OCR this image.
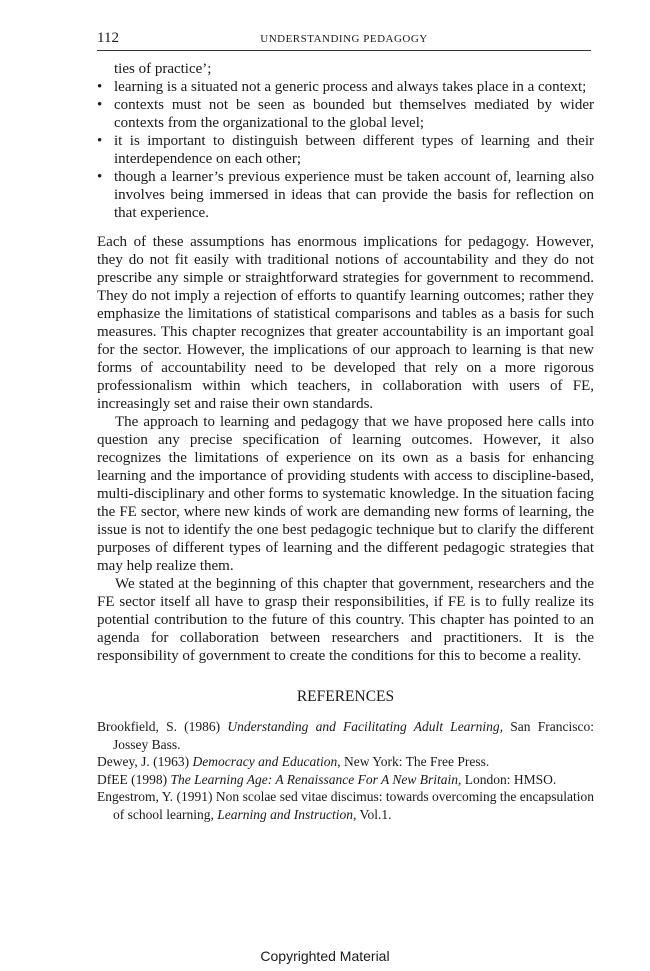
112	UNDERSTANDING PEDAGOGY

ties of practice’;

• learning is a situated not a generic process and always takes place in a context;
• contexts must not be seen as bounded but themselves mediated by wider contexts from the organizational to the global level;
• it is important to distinguish between different types of learning and their interdependence on each other;
• though a learner’s previous experience must be taken account of, learning also involves being immersed in ideas that can provide the basis for reflection on that experience.

Each of these assumptions has enormous implications for pedagogy. However, they do not fit easily with traditional notions of accountability and they do not prescribe any simple or straightforward strategies for government to recommend. They do not imply a rejection of efforts to quantify learning outcomes; rather they emphasize the limitations of statistical comparisons and tables as a basis for such measures. This chapter recognizes that greater accountability is an important goal for the sector. However, the implications of our approach to learning is that new forms of accountability need to be developed that rely on a more rigorous professionalism within which teachers, in collaboration with users of FE, increasingly set and raise their own standards.

The approach to learning and pedagogy that we have proposed here calls into question any precise specification of learning outcomes. However, it also recognizes the limitations of experience on its own as a basis for enhancing learning and the importance of providing students with access to discipline-based, multi-disciplinary and other forms to systematic knowledge. In the situation facing the FE sector, where new kinds of work are demanding new forms of learning, the issue is not to identify the one best pedagogic technique but to clarify the different purposes of different types of learning and the different pedagogic strategies that may help realize them.

We stated at the beginning of this chapter that government, researchers and the FE sector itself all have to grasp their responsibilities, if FE is to fully realize its potential contribution to the future of this country. This chapter has pointed to an agenda for collaboration between researchers and practitioners. It is the responsibility of government to create the conditions for this to become a reality.

REFERENCES
Brookfield, S. (1986) Understanding and Facilitating Adult Learning, San Francisco: Jossey Bass.
Dewey, J. (1963) Democracy and Education, New York: The Free Press.
DfEE (1998) The Learning Age: A Renaissance For A New Britain, London: HMSO.
Engestrom, Y. (1991) Non scolae sed vitae discimus: towards overcoming the encapsulation of school learning, Learning and Instruction, Vol.1.
Copyrighted Material
